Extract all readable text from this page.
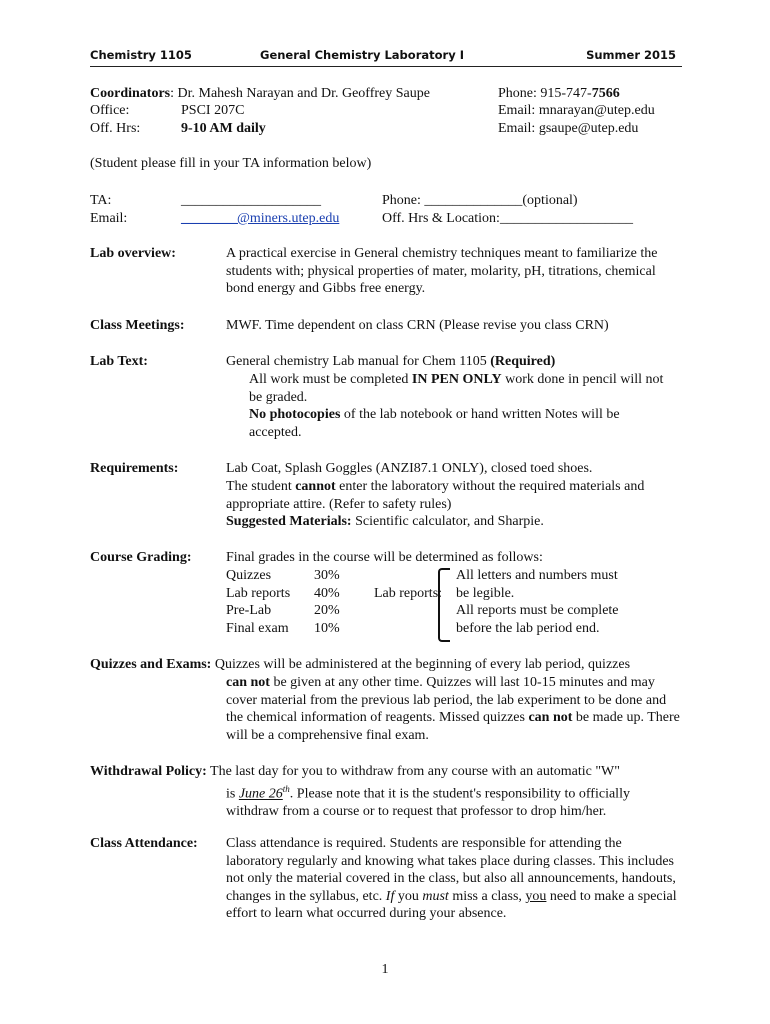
Chemistry 1105	General Chemistry Laboratory I	Summer 2015
Coordinators: Dr. Mahesh Narayan and Dr. Geoffrey Saupe
Office:	PSCI 207C
Off. Hrs:	9-10 AM daily
Phone: 915-747-7566
Email: mnarayan@utep.edu
Email: gsaupe@utep.edu
(Student please fill in your TA information below)
TA:	____________________
Email:	________@miners.utep.edu
Phone: ______________(optional)
Off. Hrs & Location:___________________
Lab overview:	A practical exercise in General chemistry techniques meant to familiarize the students with; physical properties of mater, molarity, pH, titrations, chemical bond energy and Gibbs free energy.
Class Meetings:	MWF. Time dependent on class CRN (Please revise you class CRN)
Lab Text:	General chemistry Lab manual for Chem 1105 (Required)
All work must be completed IN PEN ONLY work done in pencil will not be graded.
No photocopies of the lab notebook or hand written Notes will be accepted.
Requirements:	Lab Coat, Splash Goggles (ANZI87.1 ONLY), closed toed shoes.
The student cannot enter the laboratory without the required materials and appropriate attire. (Refer to safety rules)
Suggested Materials: Scientific calculator, and Sharpie.
Course Grading: Final grades in the course will be determined as follows:
Quizzes	30%
Lab reports	40%
Pre-Lab	20%
Final exam	10%
Lab reports:
All letters and numbers must
be legible.
All reports must be complete
before the lab period end.
Quizzes and Exams: Quizzes will be administered at the beginning of every lab period, quizzes
can not be given at any other time. Quizzes will last 10-15 minutes and may cover material from the previous lab period, the lab experiment to be done and the chemical information of reagents. Missed quizzes can not be made up. There will be a comprehensive final exam.
Withdrawal Policy: The last day for you to withdraw from any course with an automatic "W"
is June 26th. Please note that it is the student's responsibility to officially withdraw from a course or to request that professor to drop him/her.
Class Attendance: Class attendance is required. Students are responsible for attending the laboratory regularly and knowing what takes place during classes. This includes not only the material covered in the class, but also all announcements, handouts, changes in the syllabus, etc. If you must miss a class, you need to make a special effort to learn what occurred during your absence.
1
